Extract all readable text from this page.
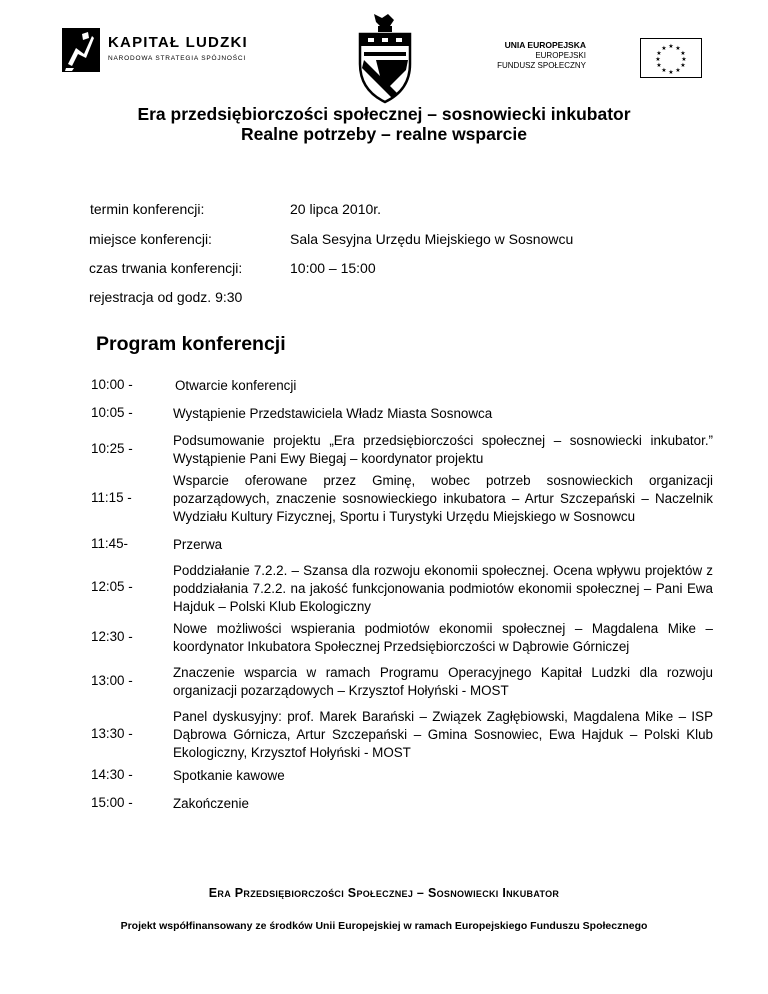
KAPITAŁ LUDZKI
NARODOWA STRATEGIA SPÓJNOŚCI
UNIA EUROPEJSKA
EUROPEJSKI
FUNDUSZ SPOŁECZNY
★ ★
★
★
★
★
★
★
★
★
★
★
Era przedsiębiorczości społecznej – sosnowiecki inkubator
Realne potrzeby – realne wsparcie
termin konferencji:	20 lipca 2010r.
miejsce konferencji:	Sala Sesyjna Urzędu Miejskiego w Sosnowcu
czas trwania konferencji:	10:00 – 15:00
rejestracja od godz. 9:30
Program konferencji
10:00 -	Otwarcie konferencji
10:05 -	Wystąpienie Przedstawiciela Władz Miasta Sosnowca
10:25 -
Podsumowanie projektu „Era przedsiębiorczości społecznej – sosnowiecki inkubator.” Wystąpienie Pani Ewy Biegaj – koordynator projektu
11:15 -
Wsparcie oferowane przez Gminę, wobec potrzeb sosnowieckich organizacji pozarządowych, znaczenie sosnowieckiego inkubatora – Artur Szczepański – Naczelnik Wydziału Kultury Fizycznej, Sportu i Turystyki Urzędu Miejskiego w Sosnowcu
11:45-	Przerwa
12:05 -
Poddziałanie 7.2.2. – Szansa dla rozwoju ekonomii społecznej. Ocena wpływu projektów z poddziałania 7.2.2. na jakość funkcjonowania podmiotów ekonomii społecznej – Pani Ewa Hajduk – Polski Klub Ekologiczny
12:30 -
Nowe możliwości wspierania podmiotów ekonomii społecznej – Magdalena Mike – koordynator Inkubatora Społecznej Przedsiębiorczości w Dąbrowie Górniczej
13:00 -
Znaczenie wsparcia w ramach Programu Operacyjnego Kapitał Ludzki dla rozwoju organizacji pozarządowych – Krzysztof Hołyński - MOST
13:30 -
Panel dyskusyjny: prof. Marek Barański – Związek Zagłębiowski, Magdalena Mike – ISP Dąbrowa Górnicza, Artur Szczepański – Gmina Sosnowiec, Ewa Hajduk – Polski Klub Ekologiczny, Krzysztof Hołyński - MOST
14:30 -	Spotkanie kawowe
15:00 -	Zakończenie
Era Przedsiębiorczości Społecznej – Sosnowiecki Inkubator
Projekt współfinansowany ze środków Unii Europejskiej w ramach Europejskiego Funduszu Społecznego
